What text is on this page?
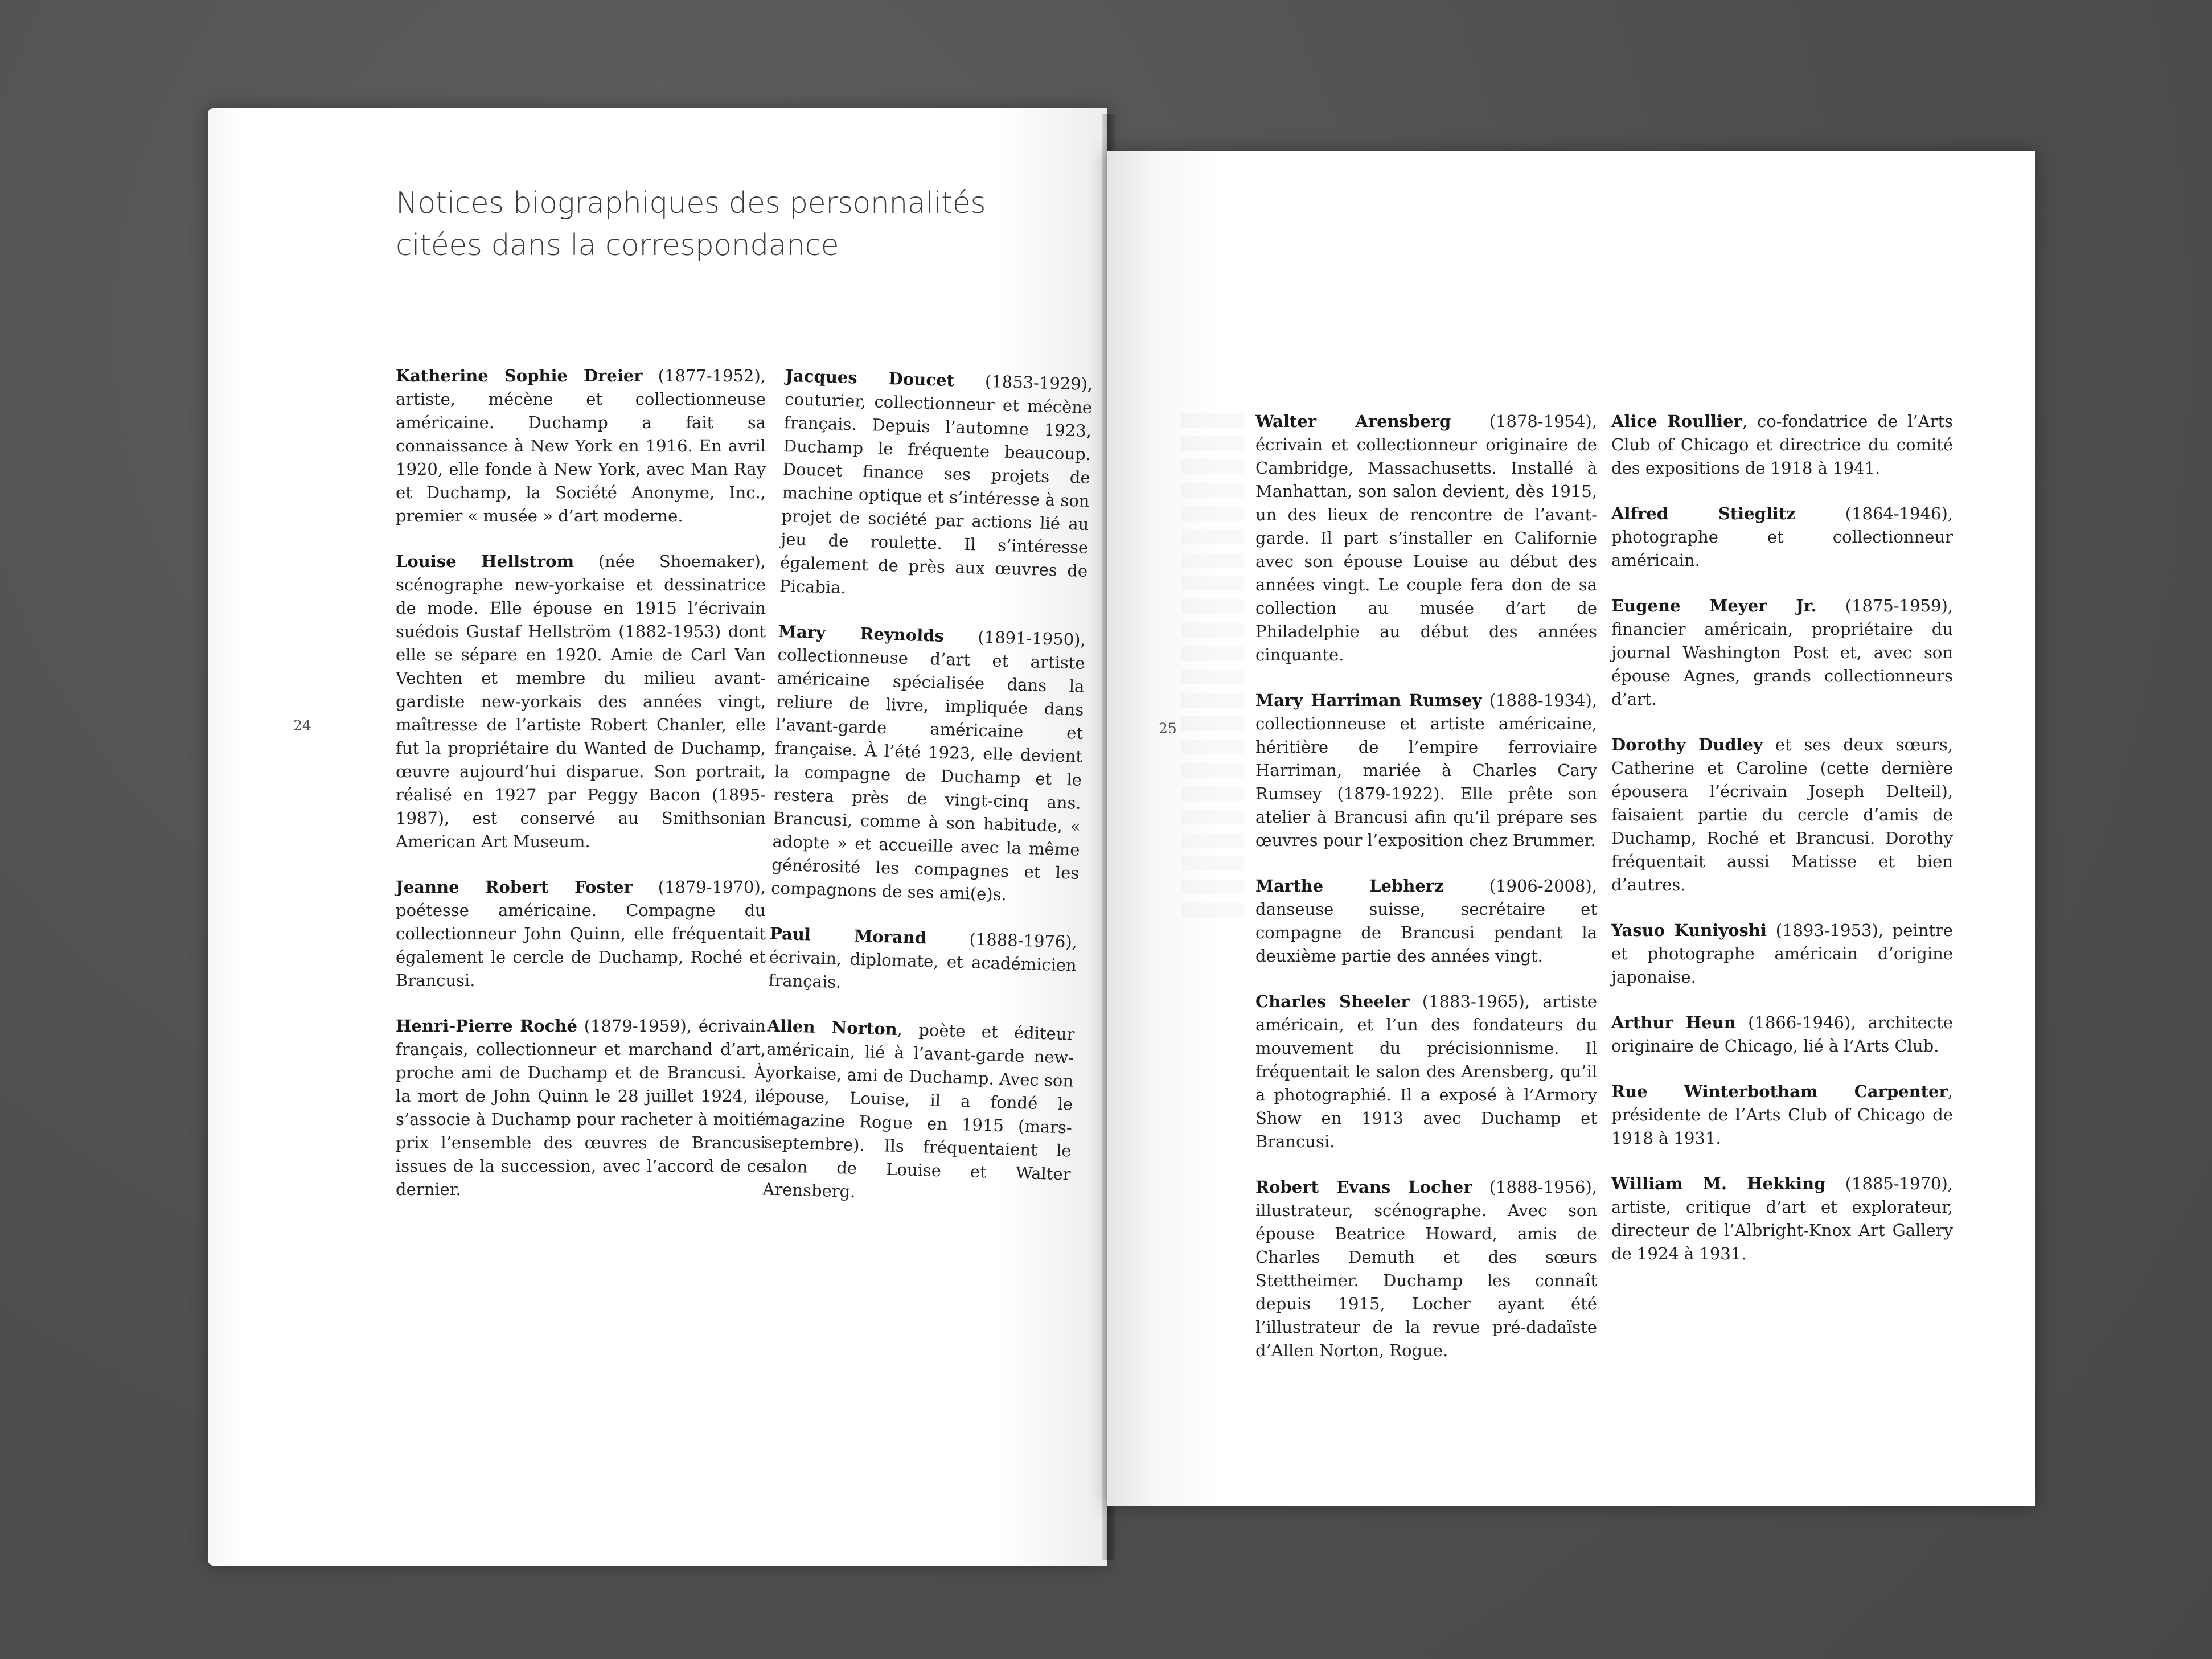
Notices biographiques des personnalités
citées dans la correspondance
24

Katherine Sophie Dreier (1877-1952), artiste, mécène et collectionneuse américaine. Duchamp a fait sa connaissance à New York en 1916. En avril 1920, elle fonde à New York, avec Man Ray et Duchamp, la Société Anonyme, Inc., premier « musée » d’art moderne.

Louise Hellstrom (née Shoemaker), scénographe new-yorkaise et dessinatrice de mode. Elle épouse en 1915 l’écrivain suédois Gustaf Hellström (1882-1953) dont elle se sépare en 1920. Amie de Carl Van Vechten et membre du milieu avant-gardiste new-yorkais des années vingt, maîtresse de l’artiste Robert Chanler, elle fut la propriétaire du Wanted de Duchamp, œuvre aujourd’hui disparue. Son portrait, réalisé en 1927 par Peggy Bacon (1895-1987), est conservé au Smithsonian American Art Museum.

Jeanne Robert Foster (1879-1970), poétesse américaine. Compagne du collectionneur John Quinn, elle fréquentait également le cercle de Duchamp, Roché et Brancusi.

Henri-Pierre Roché (1879-1959), écrivain français, collectionneur et marchand d’art, proche ami de Duchamp et de Brancusi. À la mort de John Quinn le 28 juillet 1924, il s’associe à Duchamp pour racheter à moitié prix l’ensemble des œuvres de Brancusi issues de la succession, avec l’accord de ce dernier.

Jacques Doucet (1853-1929), couturier, collectionneur et mécène français. Depuis l’automne 1923, Duchamp le fréquente beaucoup. Doucet finance ses projets de machine optique et s’intéresse à son projet de société par actions lié au jeu de roulette. Il s’intéresse également de près aux œuvres de Picabia.

Mary Reynolds (1891-1950), collectionneuse d’art et artiste américaine spécialisée dans la reliure de livre, impliquée dans l’avant-garde américaine et française. À l’été 1923, elle devient la compagne de Duchamp et le restera près de vingt-cinq ans. Brancusi, comme à son habitude, « adopte » et accueille avec la même générosité les compagnes et les compagnons de ses ami(e)s.

Paul Morand (1888-1976), écrivain, diplomate, et académicien français.

Allen Norton, poète et éditeur américain, lié à l’avant-garde new-yorkaise, ami de Duchamp. Avec son épouse, Louise, il a fondé le magazine Rogue en 1915 (mars-septembre). Ils fréquentaient le salon de Louise et Walter Arensberg.

25

Walter Arensberg (1878-1954), écrivain et collectionneur originaire de Cambridge, Massachusetts. Installé à Manhattan, son salon devient, dès 1915, un des lieux de rencontre de l’avant-garde. Il part s’installer en Californie avec son épouse Louise au début des années vingt. Le couple fera don de sa collection au musée d’art de Philadelphie au début des années cinquante.

Mary Harriman Rumsey (1888-1934), collectionneuse et artiste américaine, héritière de l’empire ferroviaire Harriman, mariée à Charles Cary Rumsey (1879-1922). Elle prête son atelier à Brancusi afin qu’il prépare ses œuvres pour l’exposition chez Brummer.

Marthe Lebherz (1906-2008), danseuse suisse, secrétaire et compagne de Brancusi pendant la deuxième partie des années vingt.

Charles Sheeler (1883-1965), artiste américain, et l’un des fondateurs du mouvement du précisionnisme. Il fréquentait le salon des Arensberg, qu’il a photographié. Il a exposé à l’Armory Show en 1913 avec Duchamp et Brancusi.

Robert Evans Locher (1888-1956), illustrateur, scénographe. Avec son épouse Beatrice Howard, amis de Charles Demuth et des sœurs Stettheimer. Duchamp les connaît depuis 1915, Locher ayant été l’illustrateur de la revue pré-dadaïste d’Allen Norton, Rogue.

Alice Roullier, co-fondatrice de l’Arts Club of Chicago et directrice du comité des expositions de 1918 à 1941.

Alfred Stieglitz (1864-1946), photographe et collectionneur américain.

Eugene Meyer Jr. (1875-1959), financier américain, propriétaire du journal Washington Post et, avec son épouse Agnes, grands collectionneurs d’art.

Dorothy Dudley et ses deux sœurs, Catherine et Caroline (cette dernière épousera l’écrivain Joseph Delteil), faisaient partie du cercle d’amis de Duchamp, Roché et Brancusi. Dorothy fréquentait aussi Matisse et bien d’autres.

Yasuo Kuniyoshi (1893-1953), peintre et photographe américain d’origine japonaise.

Arthur Heun (1866-1946), architecte originaire de Chicago, lié à l’Arts Club.

Rue Winterbotham Carpenter, présidente de l’Arts Club of Chicago de 1918 à 1931.

William M. Hekking (1885-1970), artiste, critique d’art et explorateur, directeur de l’Albright-Knox Art Gallery de 1924 à 1931.
